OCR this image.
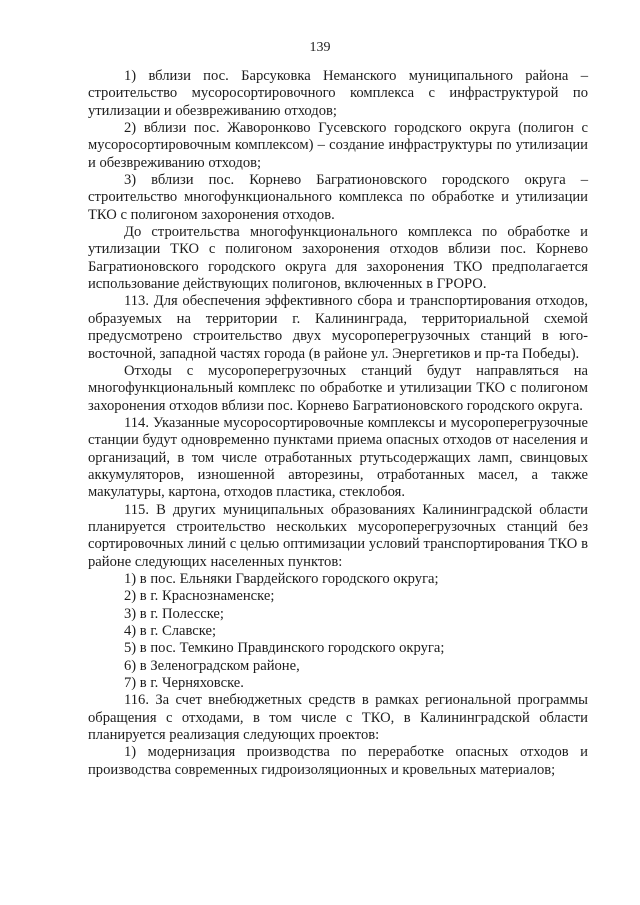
139

1) вблизи пос. Барсуковка Неманского муниципального района – строительство мусоросортировочного комплекса с инфраструктурой по утилизации и обезвреживанию отходов;

2) вблизи пос. Жаворонково Гусевского городского округа (полигон с мусоросортировочным комплексом) – создание инфраструктуры по утилизации и обезвреживанию отходов;

3) вблизи пос. Корнево Багратионовского городского округа – строительство многофункционального комплекса по обработке и утилизации ТКО с полигоном захоронения отходов.

До строительства многофункционального комплекса по обработке и утилизации ТКО с полигоном захоронения отходов вблизи пос. Корнево Багратионовского городского округа для захоронения ТКО предполагается использование действующих полигонов, включенных в ГРОРО.

113. Для обеспечения эффективного сбора и транспортирования отходов, образуемых на территории г. Калининграда, территориальной схемой предусмотрено строительство двух мусороперегрузочных станций в юго-восточной, западной частях города (в районе ул. Энергетиков и пр-та Победы).

Отходы с мусороперегрузочных станций будут направляться на многофункциональный комплекс по обработке и утилизации ТКО с полигоном захоронения отходов вблизи пос. Корнево Багратионовского городского округа.

114. Указанные мусоросортировочные комплексы и мусороперегрузочные станции будут одновременно пунктами приема опасных отходов от населения и организаций, в том числе отработанных ртутьсодержащих ламп, свинцовых аккумуляторов, изношенной авторезины, отработанных масел, а также макулатуры, картона, отходов пластика, стеклобоя.

115. В других муниципальных образованиях Калининградской области планируется строительство нескольких мусороперегрузочных станций без сортировочных линий с целью оптимизации условий транспортирования ТКО в районе следующих населенных пунктов:

1) в пос. Ельняки Гвардейского городского округа;

2) в г. Краснознаменске;

3) в г. Полесске;

4) в г. Славске;

5) в пос. Темкино Правдинского городского округа;

6) в Зеленоградском районе,

7) в г. Черняховске.

116. За счет внебюджетных средств в рамках региональной программы обращения с отходами, в том числе с ТКО, в Калининградской области планируется реализация следующих проектов:

1) модернизация производства по переработке опасных отходов и производства современных гидроизоляционных и кровельных материалов;
